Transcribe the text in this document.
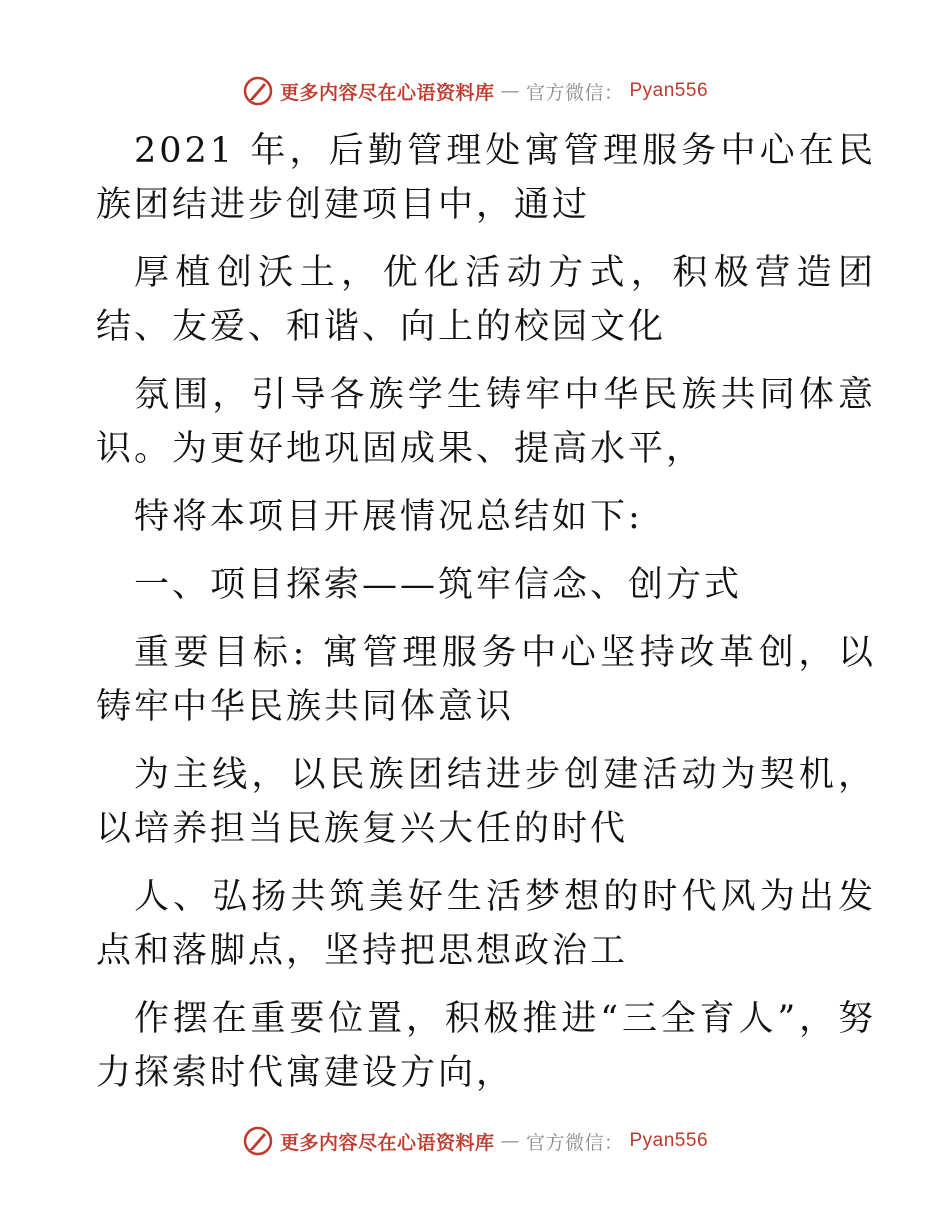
更多内容尽在心语资料库 — 官方微信： Pyan556

2021 年，后勤管理处寓管理服务中心在民族团结进步创建项目中，通过

厚植创沃土，优化活动方式，积极营造团结、友爱、和谐、向上的校园文化

氛围，引导各族学生铸牢中华民族共同体意识。为更好地巩固成果、提高水平，

特将本项目开展情况总结如下:

一、项目探索——筑牢信念、创方式

重要目标: 寓管理服务中心坚持改革创，以铸牢中华民族共同体意识

为主线，以民族团结进步创建活动为契机，以培养担当民族复兴大任的时代

人、弘扬共筑美好生活梦想的时代风为出发点和落脚点，坚持把思想政治工

作摆在重要位置，积极推进“三全育人”，努力探索时代寓建设方向，

更多内容尽在心语资料库 — 官方微信： Pyan556
